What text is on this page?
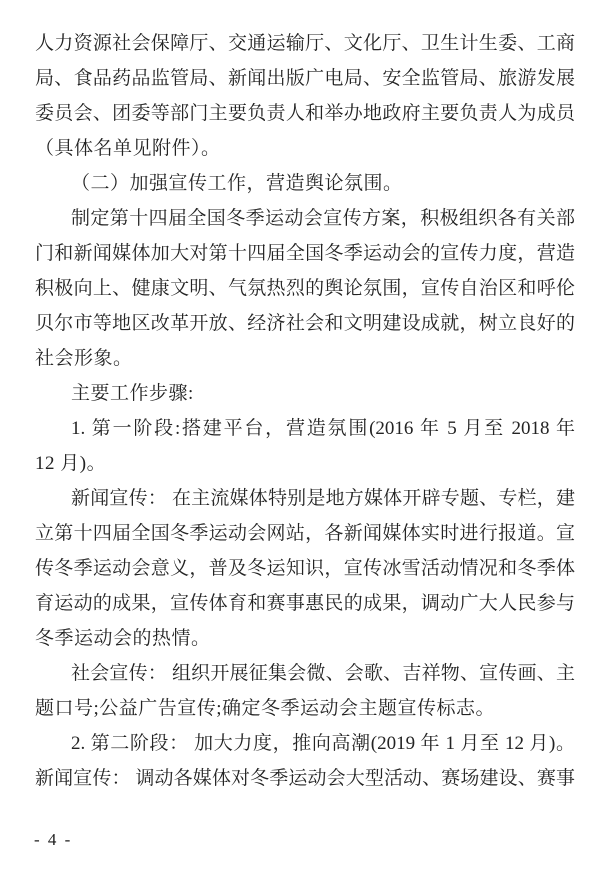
人力资源社会保障厅、交通运输厅、文化厅、卫生计生委、工商
局、食品药品监管局、新闻出版广电局、安全监管局、旅游发展
委员会、团委等部门主要负责人和举办地政府主要负责人为成员
（具体名单见附件）。
（二）加强宣传工作，营造舆论氛围。
制定第十四届全国冬季运动会宣传方案，积极组织各有关部
门和新闻媒体加大对第十四届全国冬季运动会的宣传力度，营造
积极向上、健康文明、气氛热烈的舆论氛围，宣传自治区和呼伦
贝尔市等地区改革开放、经济社会和文明建设成就，树立良好的
社会形象。
主要工作步骤:
1. 第一阶段:搭建平台，营造氛围(2016 年 5 月至 2018 年
12 月)。
新闻宣传： 在主流媒体特别是地方媒体开辟专题、专栏，建
立第十四届全国冬季运动会网站，各新闻媒体实时进行报道。宣
传冬季运动会意义，普及冬运知识，宣传冰雪活动情况和冬季体
育运动的成果，宣传体育和赛事惠民的成果，调动广大人民参与
冬季运动会的热情。
社会宣传： 组织开展征集会微、会歌、吉祥物、宣传画、主
题口号;公益广告宣传;确定冬季运动会主题宣传标志。
2. 第二阶段： 加大力度，推向高潮(2019 年 1 月至 12 月)。
新闻宣传： 调动各媒体对冬季运动会大型活动、赛场建设、赛事
- 4 -
